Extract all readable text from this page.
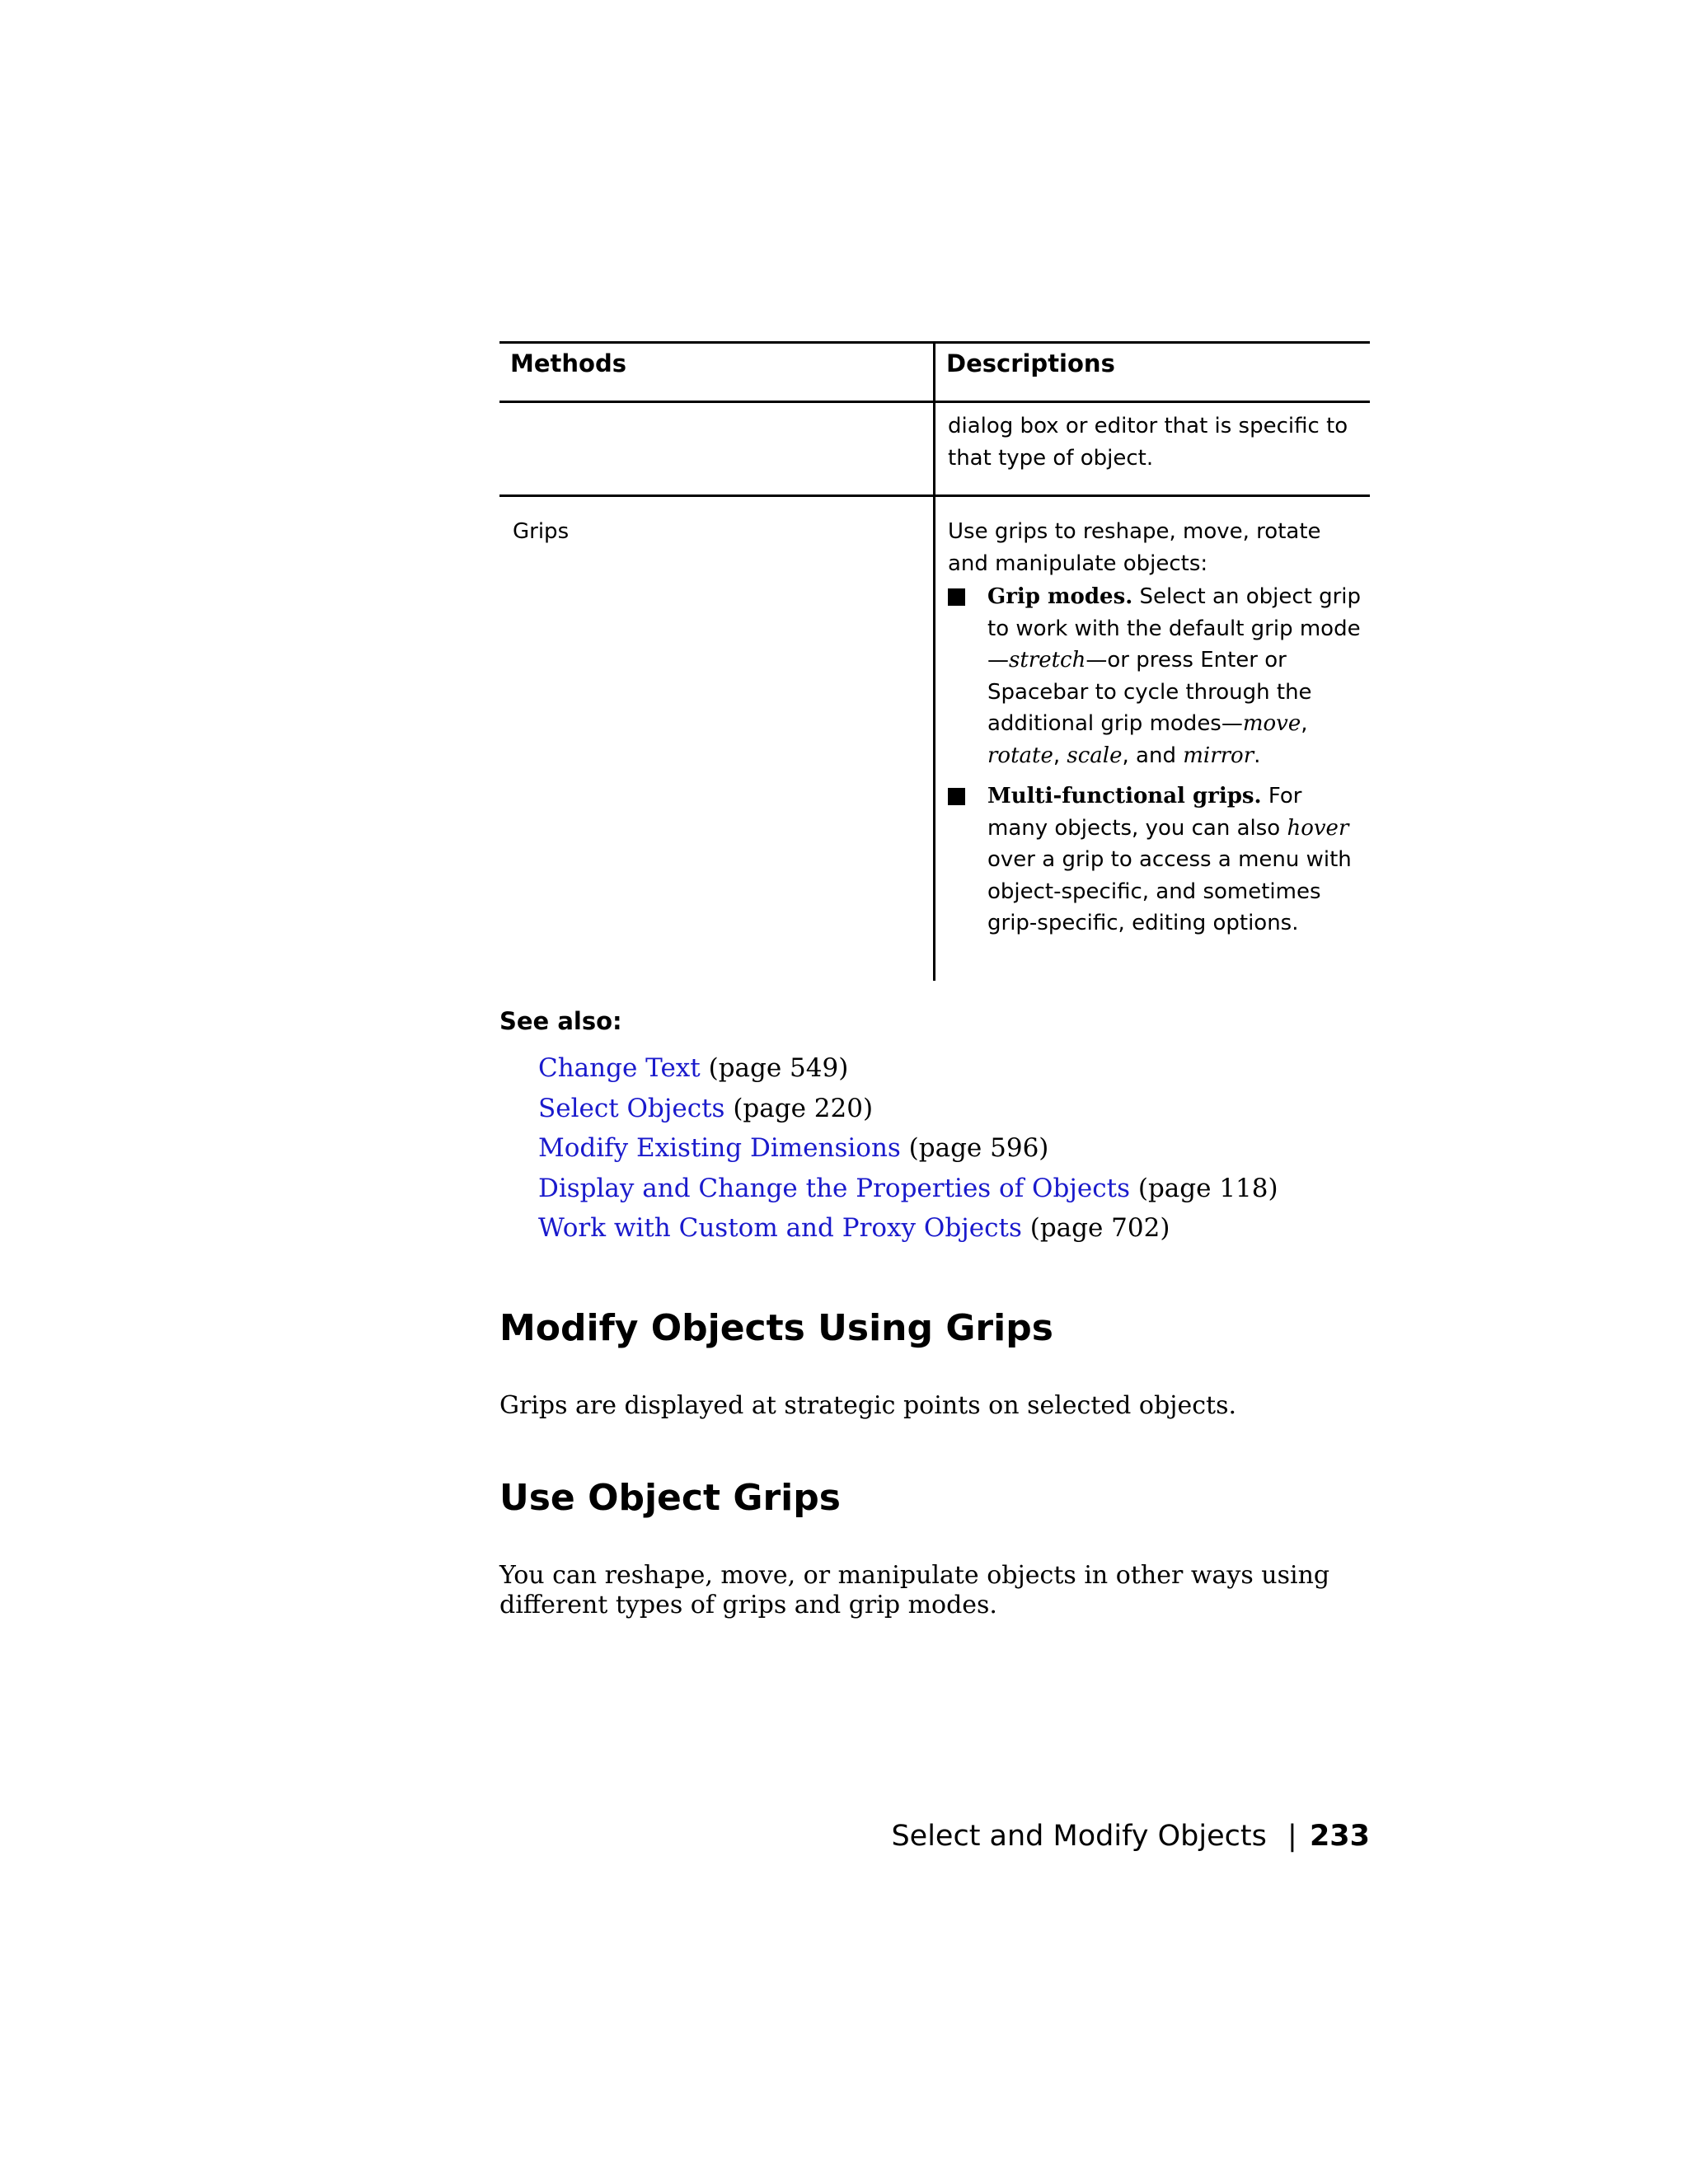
Methods	Descriptions
dialog box or editor that is specific to that type of object.
Grips	Use grips to reshape, move, rotate and manipulate objects:
Grip modes. Select an object grip to work with the default grip mode—stretch—or press Enter or Spacebar to cycle through the additional grip modes—move, rotate, scale, and mirror.
Multi-functional grips. For many objects, you can also hover over a grip to access a menu with object-specific, and sometimes grip-specific, editing options.
See also:
Change Text (page 549)
Select Objects (page 220)
Modify Existing Dimensions (page 596)
Display and Change the Properties of Objects (page 118)
Work with Custom and Proxy Objects (page 702)
Modify Objects Using Grips
Grips are displayed at strategic points on selected objects.
Use Object Grips
You can reshape, move, or manipulate objects in other ways using different types of grips and grip modes.
Select and Modify Objects | 233
